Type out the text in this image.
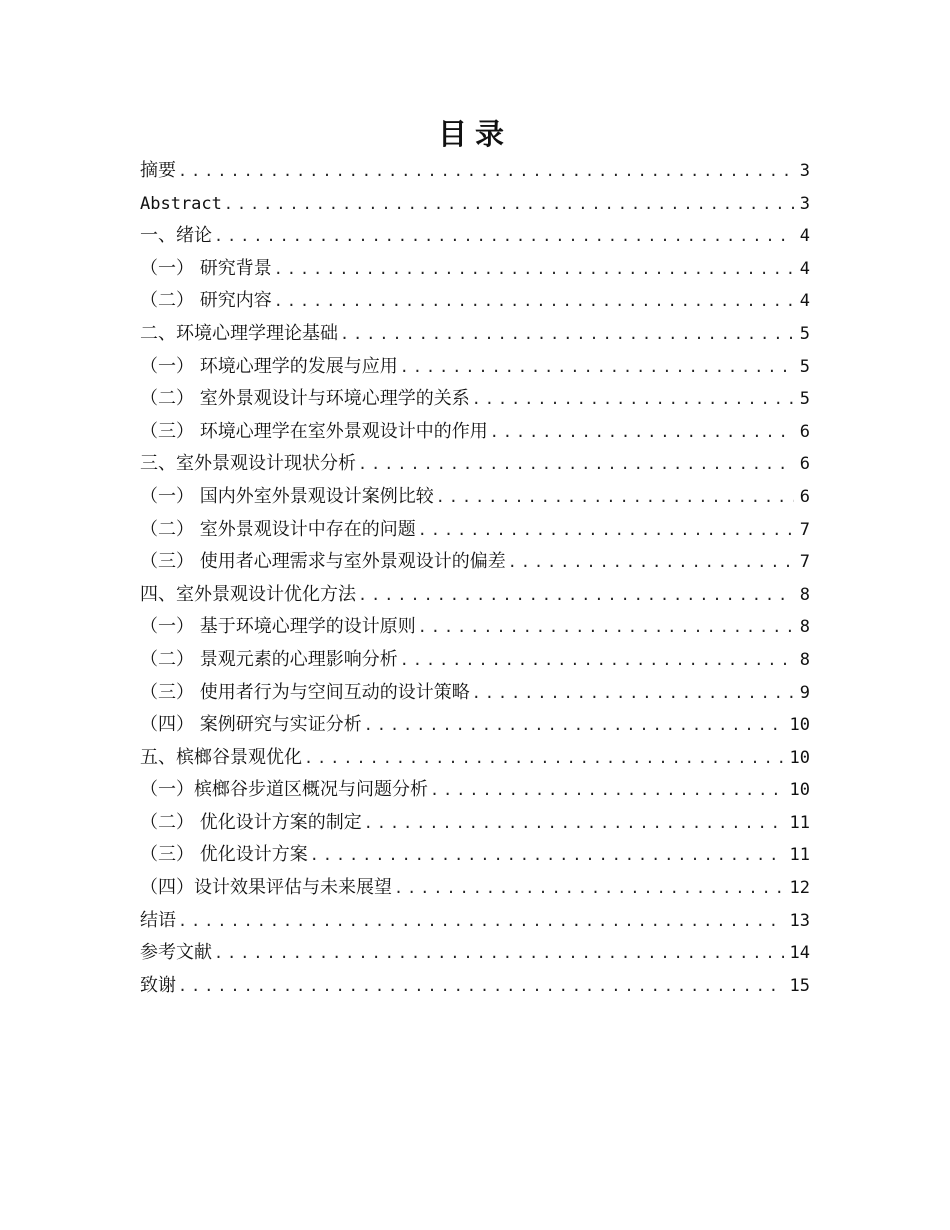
目录
摘要 .....	3
Abstract .....	3
一、绪论 .....	4
（一） 研究背景 .....	4
（二） 研究内容 .....	4
二、环境心理学理论基础 .....	5
（一） 环境心理学的发展与应用 .....	5
（二） 室外景观设计与环境心理学的关系 .....	5
（三） 环境心理学在室外景观设计中的作用 .....	6
三、室外景观设计现状分析 .....	6
（一） 国内外室外景观设计案例比较 .....	6
（二） 室外景观设计中存在的问题 .....	7
（三） 使用者心理需求与室外景观设计的偏差 .....	7
四、室外景观设计优化方法 .....	8
（一） 基于环境心理学的设计原则 .....	8
（二） 景观元素的心理影响分析 .....	8
（三） 使用者行为与空间互动的设计策略 .....	9
（四） 案例研究与实证分析 .....	10
五、槟榔谷景观优化 .....	10
（一）槟榔谷步道区概况与问题分析 .....	10
（二） 优化设计方案的制定 .....	11
（三） 优化设计方案 .....	11
（四）设计效果评估与未来展望 .....	12
结语 .....	13
参考文献 .....	14
致谢 .....	15
